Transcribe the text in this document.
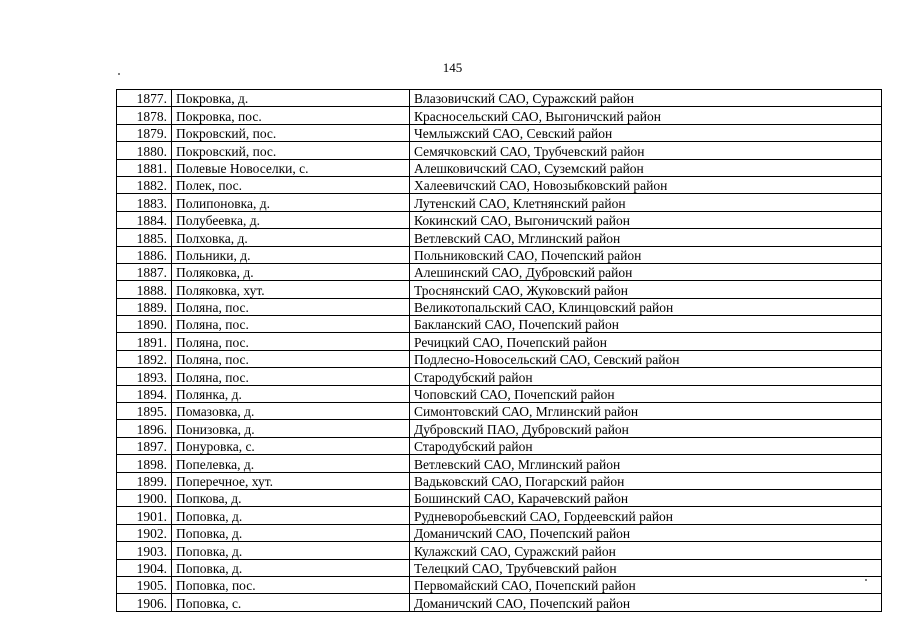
145
1877.	Покровка, д.	Влазовичский САО, Суражский район
1878.	Покровка, пос.	Красносельский САО, Выгоничский район
1879.	Покровский, пос.	Чемлыжский САО, Севский район
1880.	Покровский, пос.	Семячковский САО, Трубчевский район
1881.	Полевые Новоселки, с.	Алешковичский САО, Суземский район
1882.	Полек, пос.	Халеевичский САО, Новозыбковский район
1883.	Полипоновка, д.	Лутенский САО, Клетнянский район
1884.	Полубеевка, д.	Кокинский САО, Выгоничский район
1885.	Полховка, д.	Ветлевский САО, Мглинский район
1886.	Польники, д.	Польниковский САО, Почепский район
1887.	Поляковка, д.	Алешинский САО, Дубровский район
1888.	Поляковка, хут.	Троснянский САО, Жуковский район
1889.	Поляна, пос.	Великотопальский САО, Клинцовский район
1890.	Поляна, пос.	Бакланский САО, Почепский район
1891.	Поляна, пос.	Речицкий САО, Почепский район
1892.	Поляна, пос.	Подлесно-Новосельский САО, Севский район
1893.	Поляна, пос.	Стародубский район
1894.	Полянка, д.	Чоповский САО, Почепский район
1895.	Помазовка, д.	Симонтовский САО, Мглинский район
1896.	Понизовка, д.	Дубровский ПАО, Дубровский район
1897.	Понуровка, с.	Стародубский район
1898.	Попелевка, д.	Ветлевский САО, Мглинский район
1899.	Поперечное, хут.	Вадьковский САО, Погарский район
1900.	Попкова, д.	Бошинский САО, Карачевский район
1901.	Поповка, д.	Рудневоробьевский САО, Гордеевский район
1902.	Поповка, д.	Доманичский САО, Почепский район
1903.	Поповка, д.	Кулажский САО, Суражский район
1904.	Поповка, д.	Телецкий САО, Трубчевский район
1905.	Поповка, пос.	Первомайский САО, Почепский район
1906.	Поповка, с.	Доманичский САО, Почепский район
